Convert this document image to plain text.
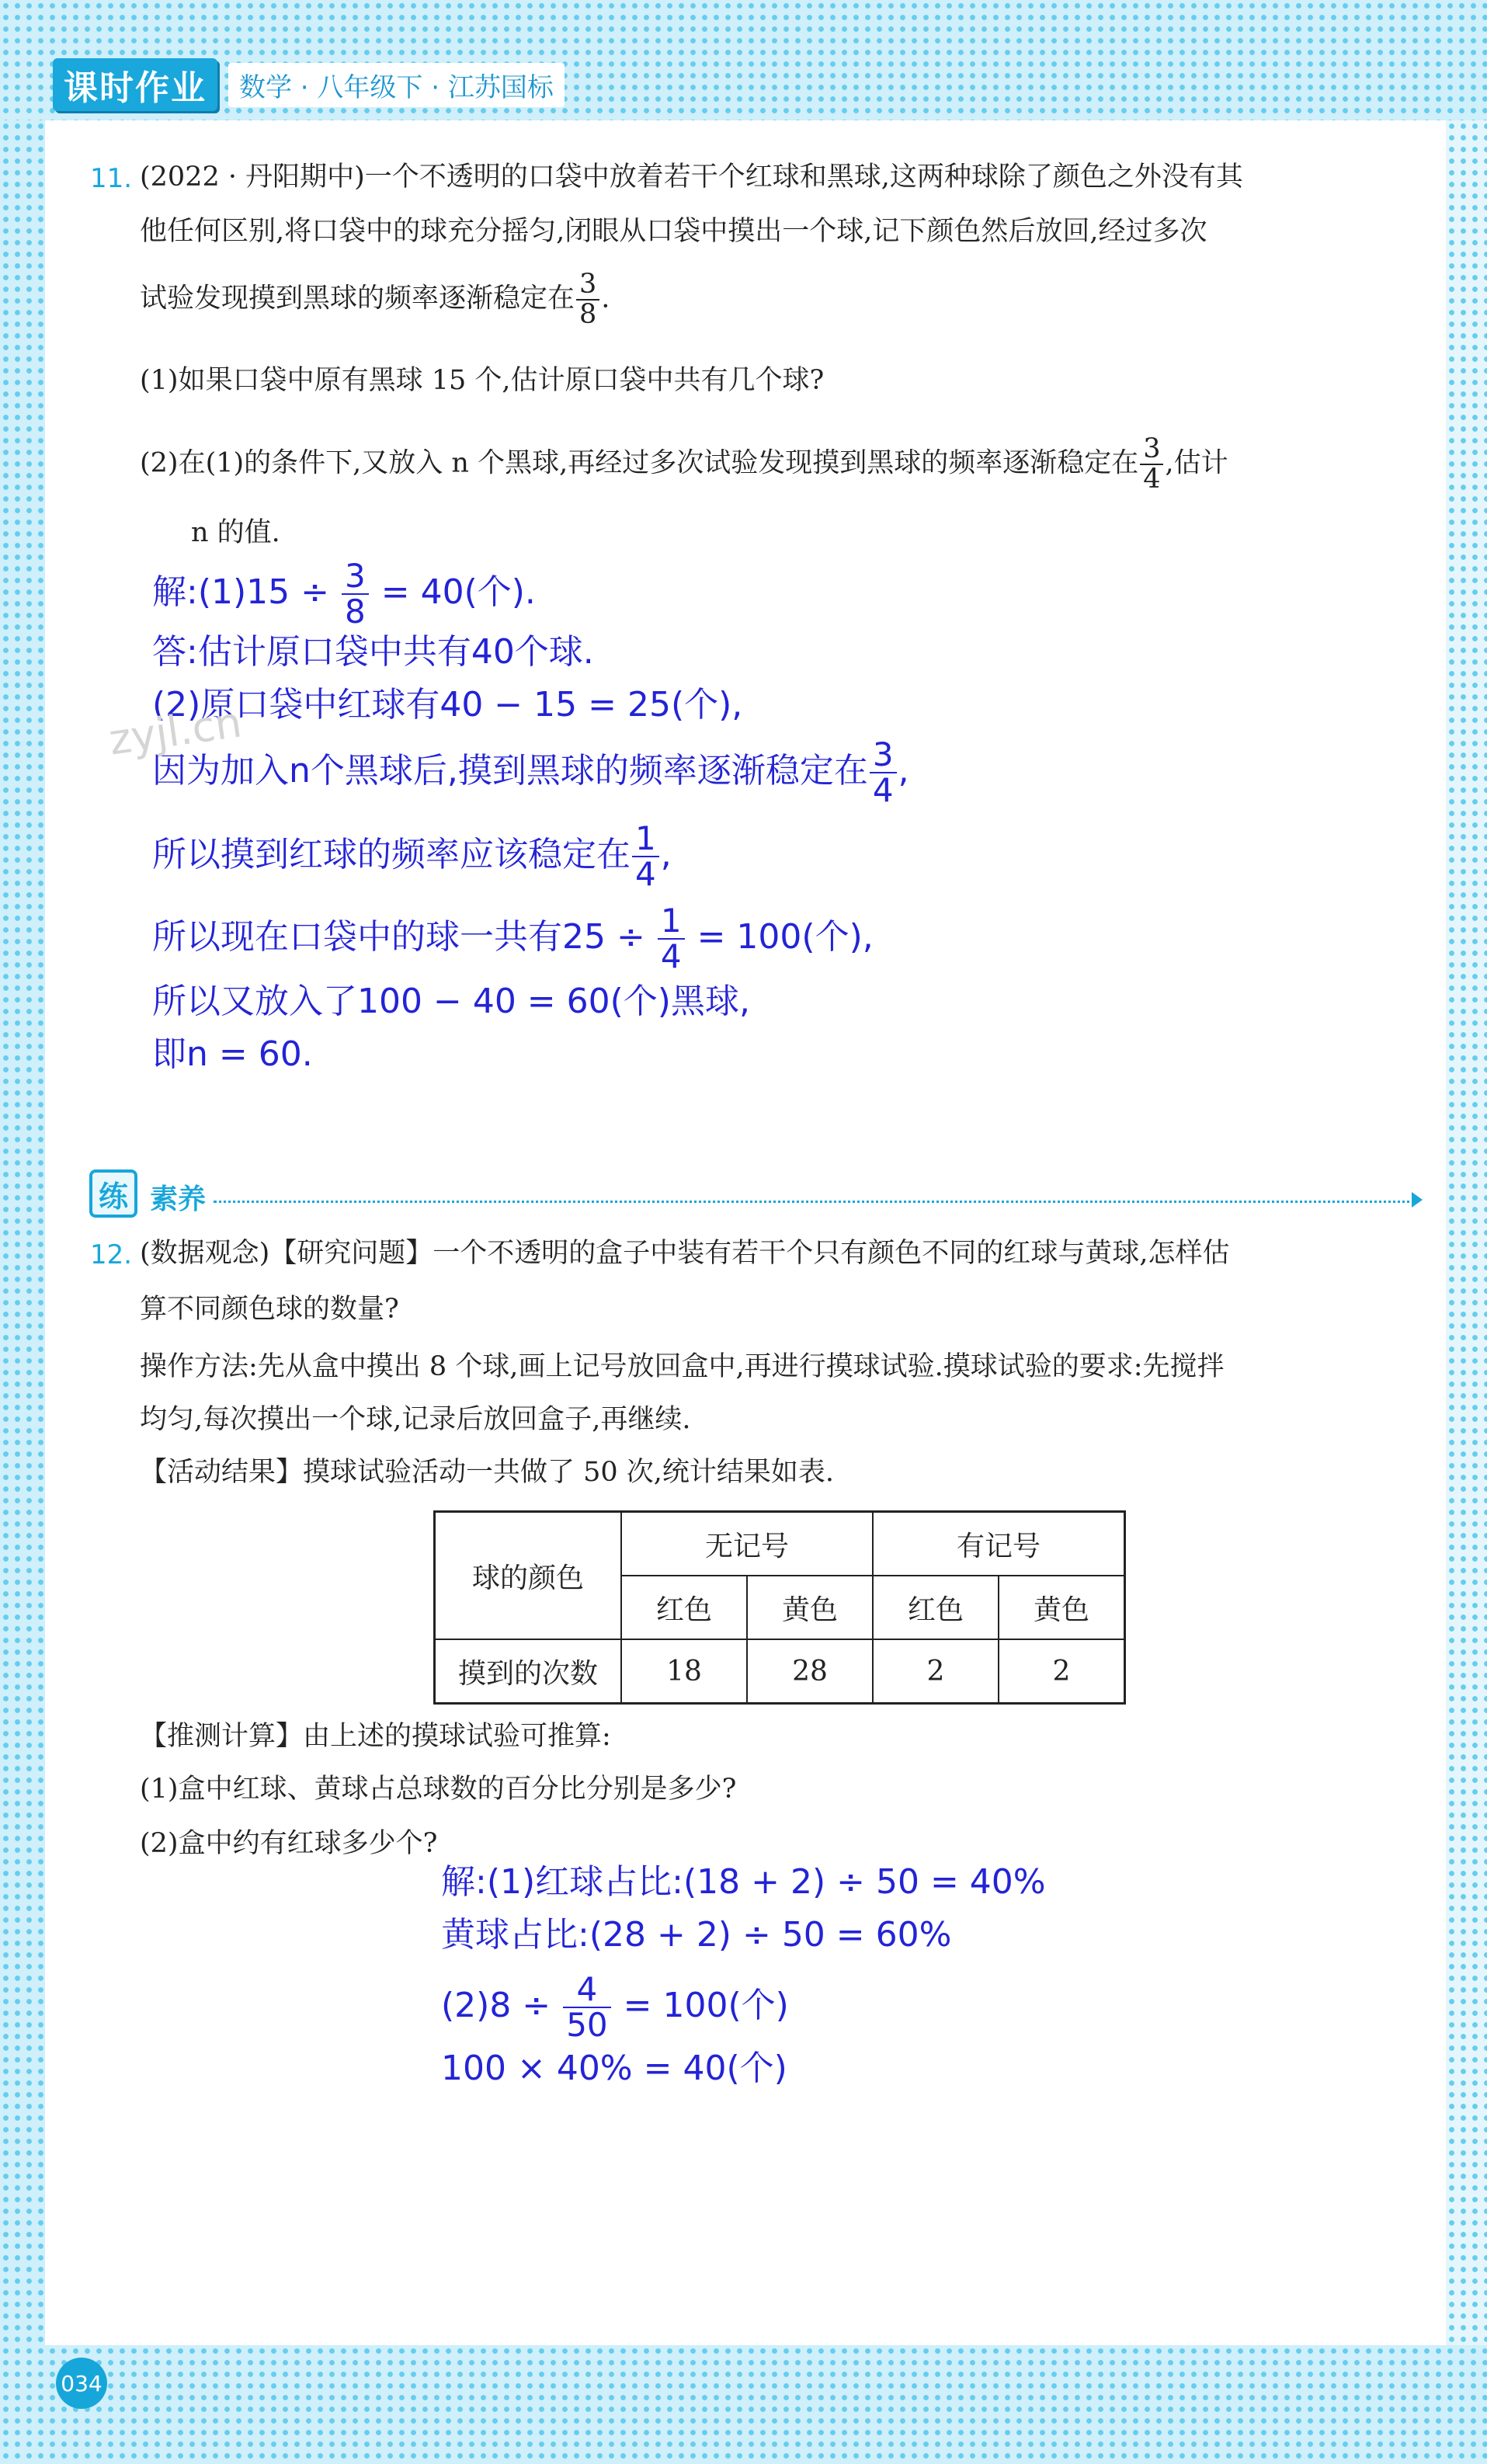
课时作业	数学 · 八年级下 · 江苏国标
11. (2022 · 丹阳期中)一个不透明的口袋中放着若干个红球和黑球,这两种球除了颜色之外没有其
他任何区别,将口袋中的球充分摇匀,闭眼从口袋中摸出一个球,记下颜色然后放回,经过多次
试验发现摸到黑球的频率逐渐稳定在 $\frac{3}{8}$ .
(1)如果口袋中原有黑球 15 个,估计原口袋中共有几个球?
(2)在(1)的条件下,又放入 n 个黑球,再经过多次试验发现摸到黑球的频率逐渐稳定在 $\frac{3}{4}$ ,估计
n 的值.
解:(1)15 ÷ $\frac{3}{8} = 40$(个).
答:估计原口袋中共有40个球.
(2)原口袋中红球有40 − 15 = 25(个),
因为加入n个黑球后,摸到黑球的频率逐渐稳定在 $\frac{3}{4}$ ,
所以摸到红球的频率应该稳定在 $\frac{1}{4}$ ,
所以现在口袋中的球一共有$25 \div \frac{1}{4} = 100$(个),
所以又放入了100 − 40 = 60(个)黑球,
即n = 60.
zyjl.cn
练 素养
12. (数据观念)【研究问题】一个不透明的盒子中装有若干个只有颜色不同的红球与黄球,怎样估
算不同颜色球的数量?
操作方法:先从盒中摸出 8 个球,画上记号放回盒中,再进行摸球试验.摸球试验的要求:先搅拌
均匀,每次摸出一个球,记录后放回盒子,再继续.
【活动结果】摸球试验活动一共做了 50 次,统计结果如表.
球的颜色	无记号		有记号	
	红色	黄色	红色	黄色
摸到的次数	18	28	2	2
【推测计算】由上述的摸球试验可推算:
(1)盒中红球、黄球占总球数的百分比分别是多少?
(2)盒中约有红球多少个?
解:(1)红球占比:(18 + 2) ÷ 50 = 40%
黄球占比:(28 + 2) ÷ 50 = 60%
$(2)8 \div \frac{4}{50} = 100$(个)
100 × 40% = 40(个)
034
